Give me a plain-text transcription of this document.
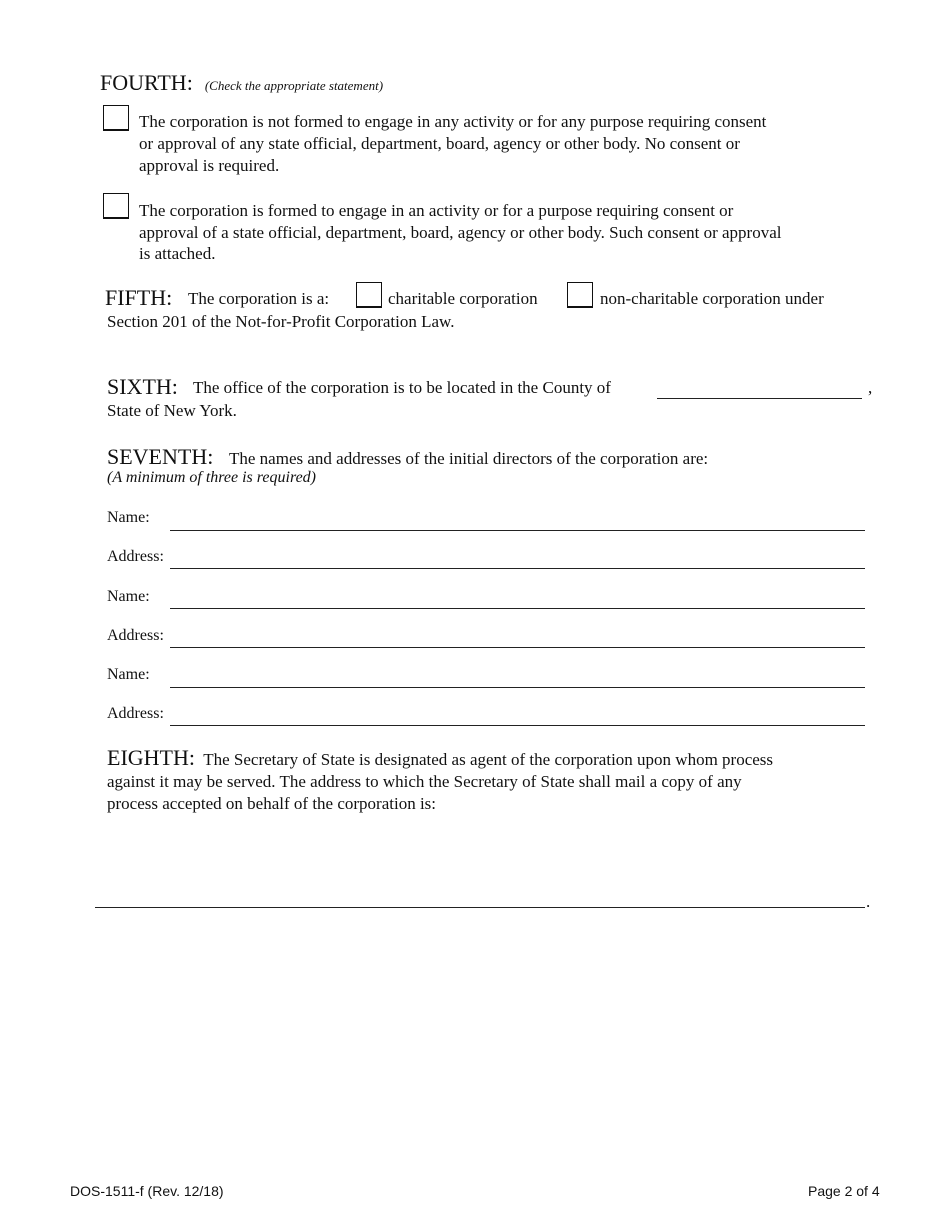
FOURTH: (Check the appropriate statement)
The corporation is not formed to engage in any activity or for any purpose requiring consent
or approval of any state official, department, board, agency or other body. No consent or
approval is required.
The corporation is formed to engage in an activity or for a purpose requiring consent or
approval of a state official, department, board, agency or other body. Such consent or approval
is attached.
FIFTH: The corporation is a:	charitable corporation	non-charitable corporation under
Section 201 of the Not-for-Profit Corporation Law.
SIXTH: The office of the corporation is to be located in the County of	,
State of New York.
SEVENTH: The names and addresses of the initial directors of the corporation are:
(A minimum of three is required)
Name:
Address:
Name:
Address:
Name:
Address:
EIGHTH: The Secretary of State is designated as agent of the corporation upon whom process
against it may be served. The address to which the Secretary of State shall mail a copy of any
process accepted on behalf of the corporation is:
.
DOS-1511-f (Rev. 12/18)	Page 2 of 4
